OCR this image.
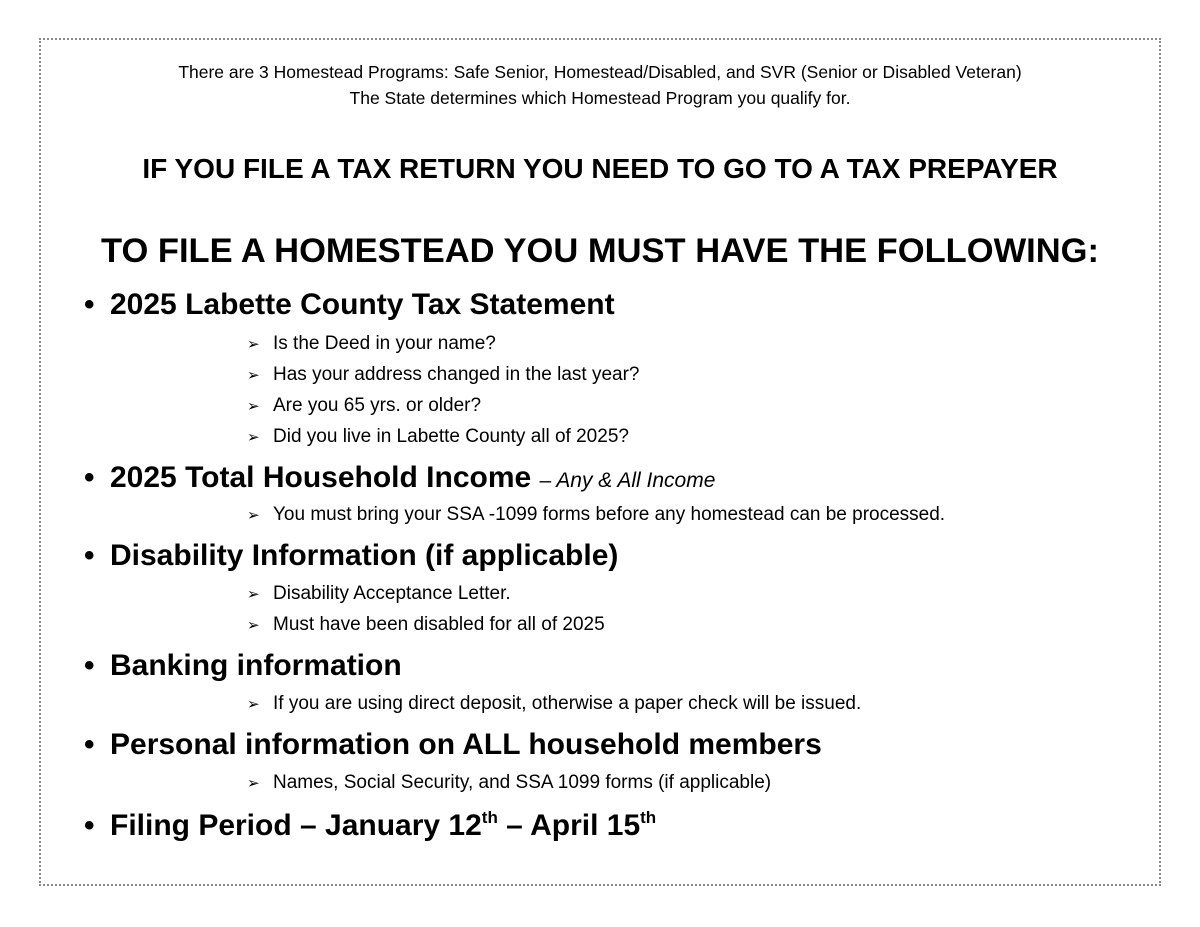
There are 3 Homestead Programs: Safe Senior, Homestead/Disabled, and SVR (Senior or Disabled Veteran)
The State determines which Homestead Program you qualify for.
IF YOU FILE A TAX RETURN YOU NEED TO GO TO A TAX PREPAYER
TO FILE A HOMESTEAD YOU MUST HAVE THE FOLLOWING:
• 2025 Labette County Tax Statement
➢ Is the Deed in your name?
➢ Has your address changed in the last year?
➢ Are you 65 yrs. or older?
➢ Did you live in Labette County all of 2025?
• 2025 Total Household Income – Any & All Income
➢ You must bring your SSA -1099 forms before any homestead can be processed.
• Disability Information (if applicable)
➢ Disability Acceptance Letter.
➢ Must have been disabled for all of 2025
• Banking information
➢ If you are using direct deposit, otherwise a paper check will be issued.
• Personal information on ALL household members
➢ Names, Social Security, and SSA 1099 forms (if applicable)
• Filing Period – January 12th – April 15th
